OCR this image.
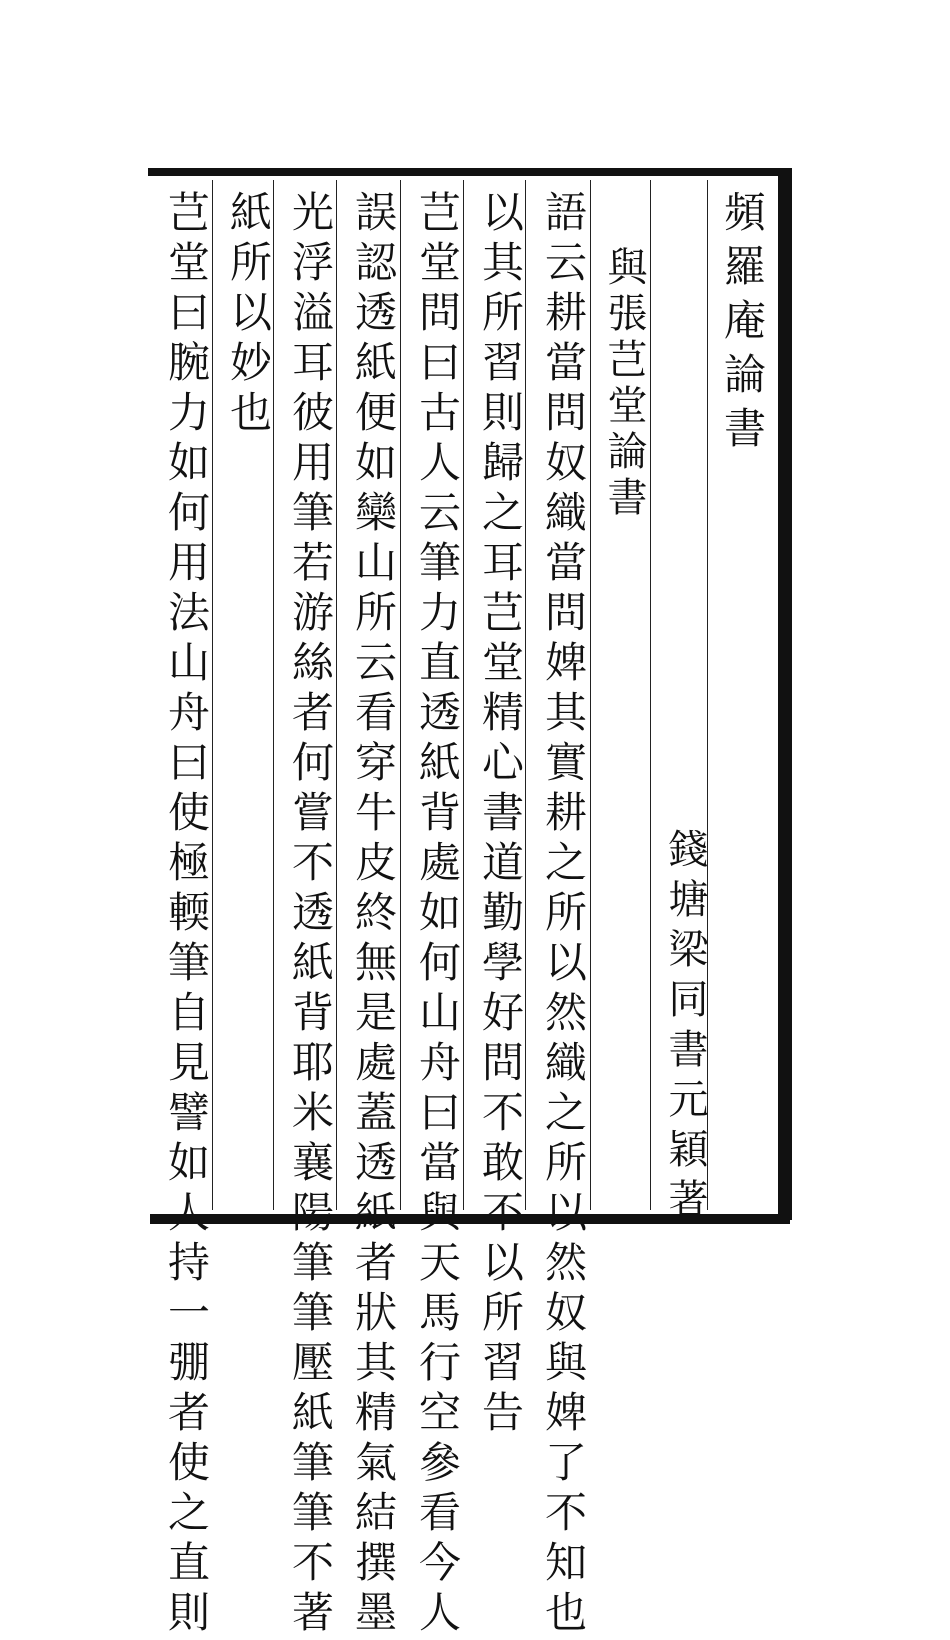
頻羅庵論書
錢塘梁同書元穎著
與張芑堂論書
語云耕當問奴織當問婢其實耕之所以然織之所以然奴與婢了不知也
以其所習則歸之耳芑堂精心書道勤學好問不敢不以所習告
芑堂問曰古人云筆力直透紙背處如何山舟曰當與天馬行空參看今人
誤認透紙便如欒山所云看穿牛皮終無是處蓋透紙者狀其精氣結撰墨
光浮溢耳彼用筆若游絲者何嘗不透紙背耶米襄陽筆筆壓紙筆筆不著
紙所以妙也
芑堂曰腕力如何用法山舟曰使極輭筆自見譬如人持一弸者使之直則
